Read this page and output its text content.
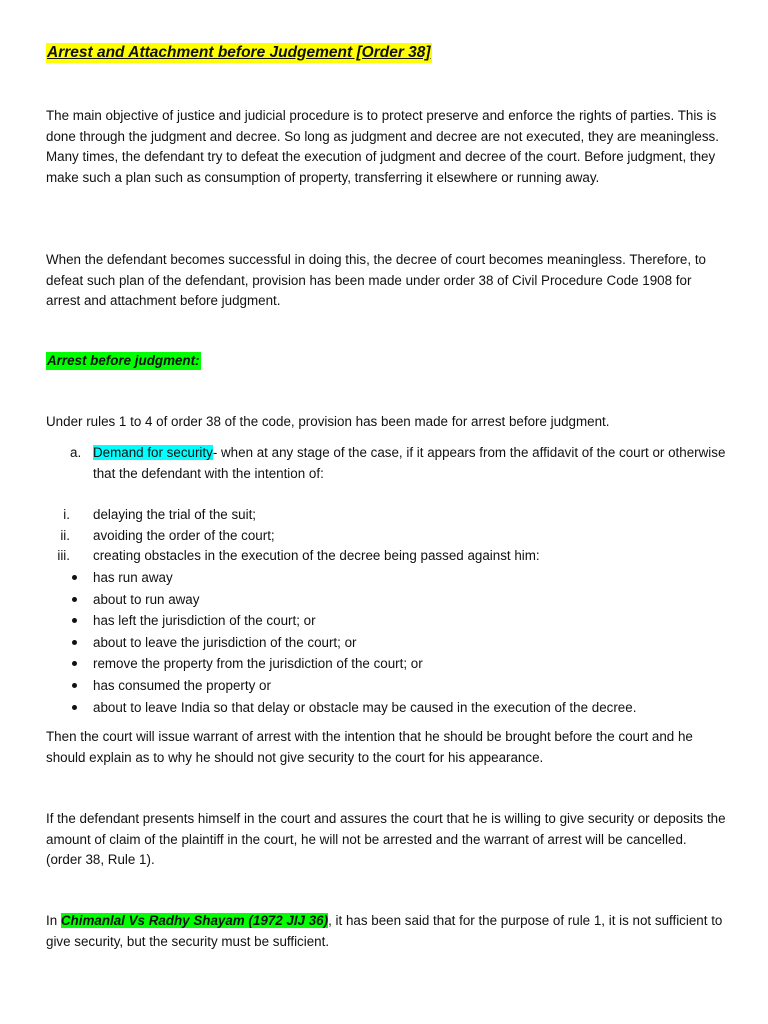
Arrest and Attachment before Judgement [Order 38]

The main objective of justice and judicial procedure is to protect preserve and enforce the rights of parties. This is done through the judgment and decree. So long as judgment and decree are not executed, they are meaningless. Many times, the defendant try to defeat the execution of judgment and decree of the court. Before judgment, they make such a plan such as consumption of property, transferring it elsewhere or running away.

When the defendant becomes successful in doing this, the decree of court becomes meaningless. Therefore, to defeat such plan of the defendant, provision has been made under order 38 of Civil Procedure Code 1908 for arrest and attachment before judgment.

Arrest before judgment:

Under rules 1 to 4 of order 38 of the code, provision has been made for arrest before judgment.

a. Demand for security- when at any stage of the case, if it appears from the affidavit of the court or otherwise that the defendant with the intention of:
i. delaying the trial of the suit;
ii. avoiding the order of the court;
iii. creating obstacles in the execution of the decree being passed against him:
has run away
about to run away
has left the jurisdiction of the court; or
about to leave the jurisdiction of the court; or
remove the property from the jurisdiction of the court; or
has consumed the property or
about to leave India so that delay or obstacle may be caused in the execution of the decree.

Then the court will issue warrant of arrest with the intention that he should be brought before the court and he should explain as to why he should not give security to the court for his appearance.

If the defendant presents himself in the court and assures the court that he is willing to give security or deposits the amount of claim of the plaintiff in the court, he will not be arrested and the warrant of arrest will be cancelled. (order 38, Rule 1).

In Chimanlal Vs Radhy Shayam (1972 JIJ 36), it has been said that for the purpose of rule 1, it is not sufficient to give security, but the security must be sufficient.
